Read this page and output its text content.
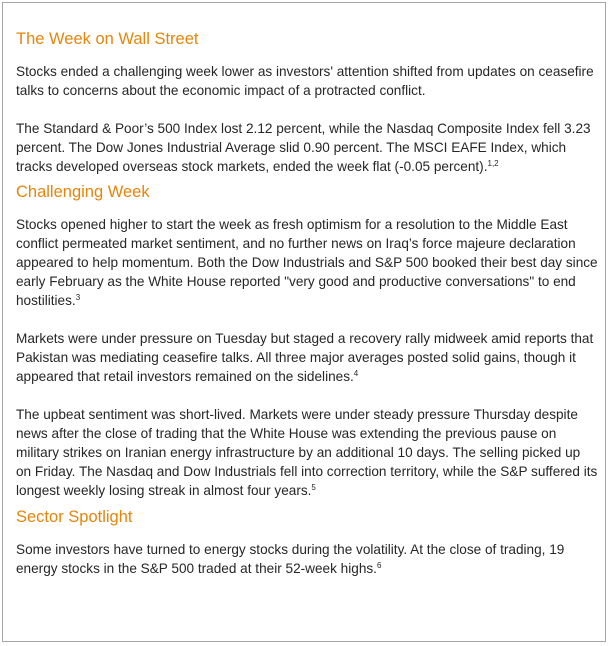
The Week on Wall Street

Stocks ended a challenging week lower as investors' attention shifted from updates on ceasefire talks to concerns about the economic impact of a protracted conflict.

The Standard & Poor’s 500 Index lost 2.12 percent, while the Nasdaq Composite Index fell 3.23 percent. The Dow Jones Industrial Average slid 0.90 percent. The MSCI EAFE Index, which tracks developed overseas stock markets, ended the week flat (-0.05 percent).$^{1,2}$

Challenging Week

Stocks opened higher to start the week as fresh optimism for a resolution to the Middle East conflict permeated market sentiment, and no further news on Iraq’s force majeure declaration appeared to help momentum. Both the Dow Industrials and S&P 500 booked their best day since early February as the White House reported "very good and productive conversations" to end hostilities.$^3$

Markets were under pressure on Tuesday but staged a recovery rally midweek amid reports that Pakistan was mediating ceasefire talks. All three major averages posted solid gains, though it appeared that retail investors remained on the sidelines.$^4$

The upbeat sentiment was short-lived. Markets were under steady pressure Thursday despite news after the close of trading that the White House was extending the previous pause on military strikes on Iranian energy infrastructure by an additional 10 days. The selling picked up on Friday. The Nasdaq and Dow Industrials fell into correction territory, while the S&P suffered its longest weekly losing streak in almost four years.$^5$

Sector Spotlight

Some investors have turned to energy stocks during the volatility. At the close of trading, 19 energy stocks in the S&P 500 traded at their 52-week highs.$^6$
